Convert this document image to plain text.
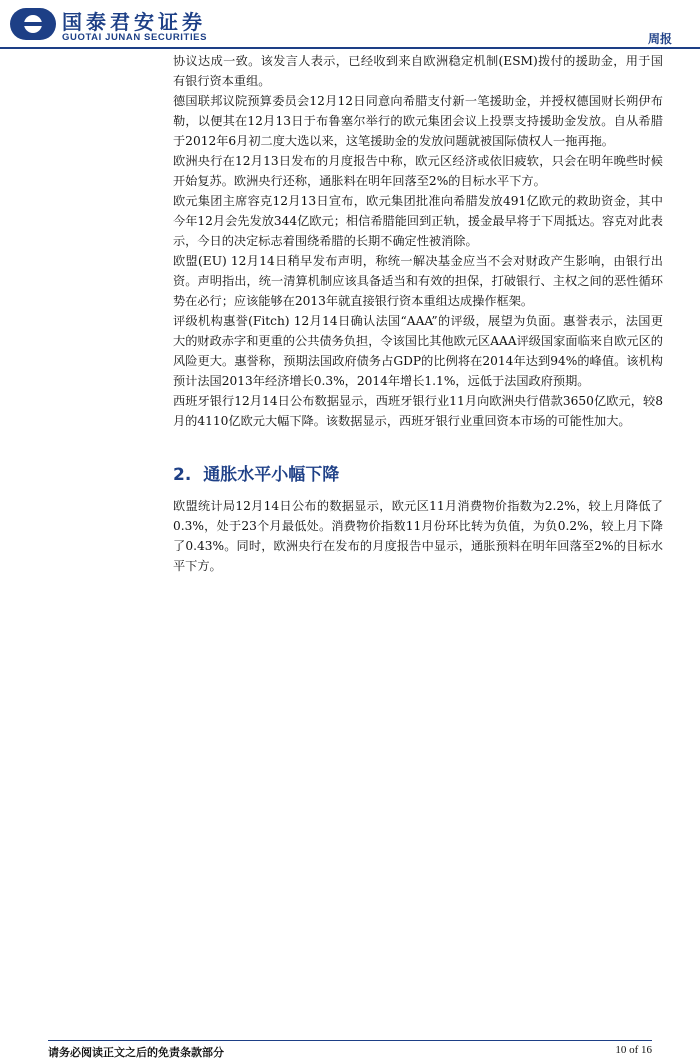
国泰君安证券
GUOTAI JUNAN SECURITIES	周报

协议达成一致。该发言人表示，已经收到来自欧洲稳定机制(ESM)拨付的援助金，用于国有银行资本重组。

德国联邦议院预算委员会12月12日同意向希腊支付新一笔援助金，并授权德国财长朔伊布勒，以便其在12月13日于布鲁塞尔举行的欧元集团会议上投票支持援助金发放。自从希腊于2012年6月初二度大选以来，这笔援助金的发放问题就被国际债权人一拖再拖。

欧洲央行在12月13日发布的月度报告中称，欧元区经济或依旧疲软，只会在明年晚些时候开始复苏。欧洲央行还称，通胀料在明年回落至2%的目标水平下方。

欧元集团主席容克12月13日宣布，欧元集团批准向希腊发放491亿欧元的救助资金，其中今年12月会先发放344亿欧元；相信希腊能回到正轨，援金最早将于下周抵达。容克对此表示，今日的决定标志着围绕希腊的长期不确定性被消除。

欧盟(EU) 12月14日稍早发布声明，称统一解决基金应当不会对财政产生影响，由银行出资。声明指出，统一清算机制应该具备适当和有效的担保，打破银行、主权之间的恶性循环势在必行；应该能够在2013年就直接银行资本重组达成操作框架。

评级机构惠誉(Fitch) 12月14日确认法国“AAA”的评级，展望为负面。惠誉表示，法国更大的财政赤字和更重的公共债务负担，令该国比其他欧元区AAA评级国家面临来自欧元区的风险更大。惠誉称，预期法国政府债务占GDP的比例将在2014年达到94%的峰值。该机构预计法国2013年经济增长0.3%，2014年增长1.1%，远低于法国政府预期。

西班牙银行12月14日公布数据显示，西班牙银行业11月向欧洲央行借款3650亿欧元，较8月的4110亿欧元大幅下降。该数据显示，西班牙银行业重回资本市场的可能性加大。

2. 通胀水平小幅下降

欧盟统计局12月14日公布的数据显示，欧元区11月消费物价指数为2.2%，较上月降低了0.3%，处于23个月最低处。消费物价指数11月份环比转为负值，为负0.2%，较上月下降了0.43%。同时，欧洲央行在发布的月度报告中显示，通胀预料在明年回落至2%的目标水平下方。

请务必阅读正文之后的免责条款部分	10 of 16
